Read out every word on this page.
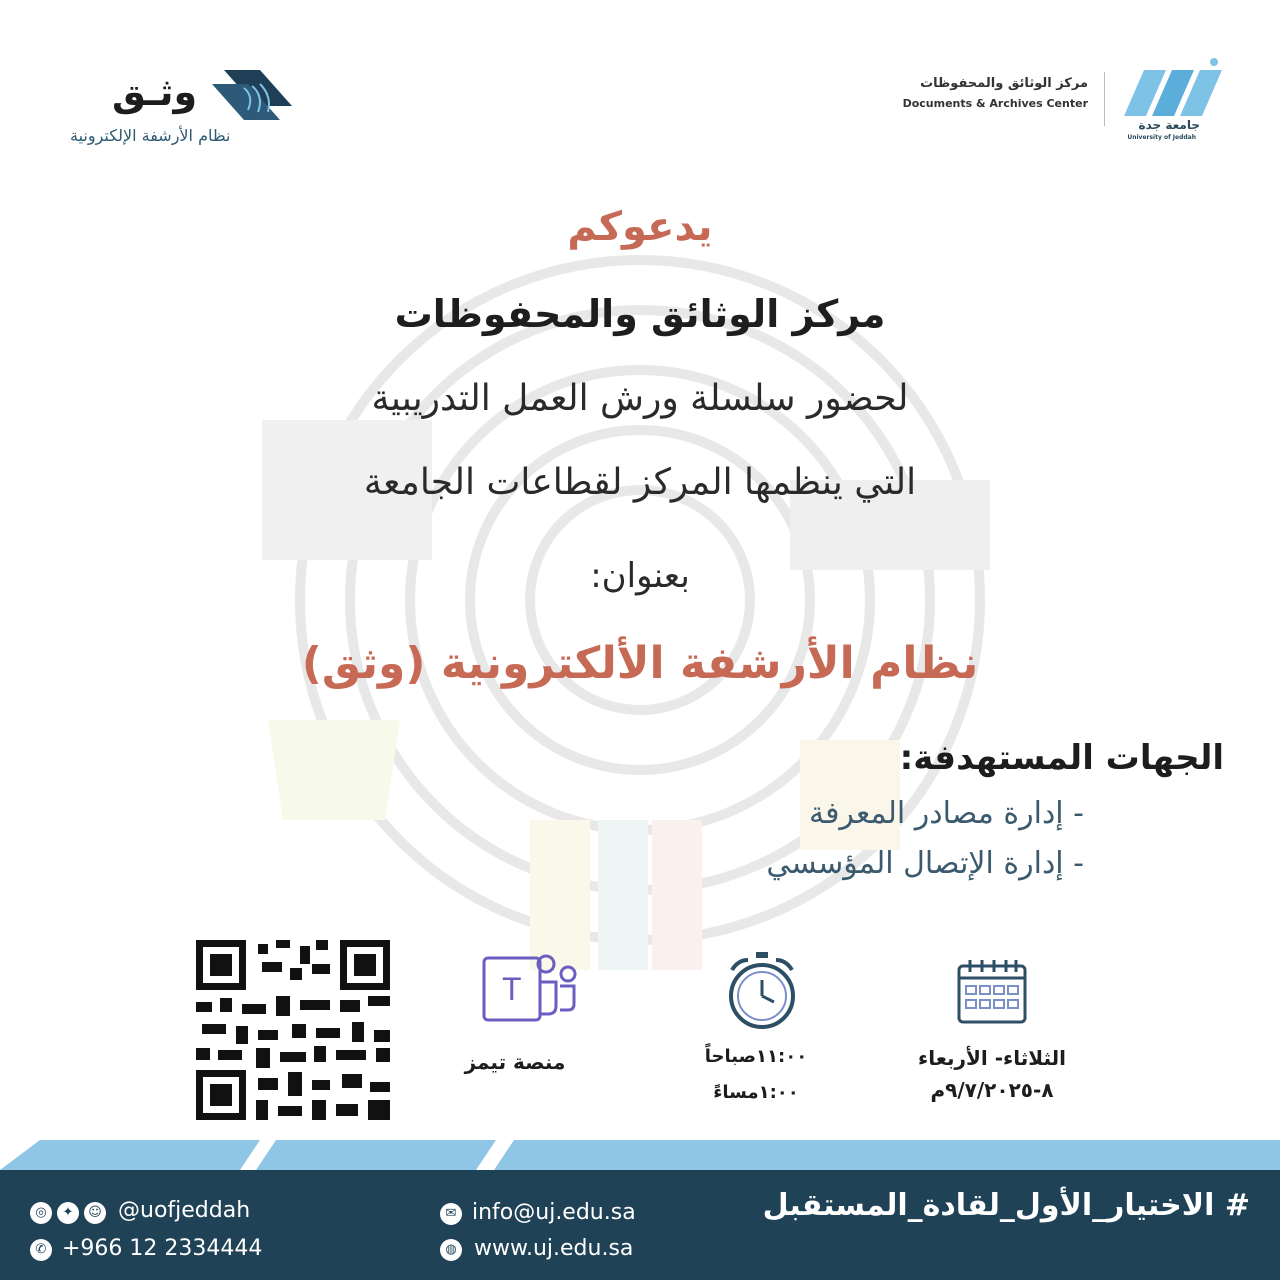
جامعة جدة
University of Jeddah
مركز الوثائق والمحفوظات
Documents & Archives Center
وثـق
نظام الأرشفة الإلكترونية
يدعوكم
مركز الوثائق والمحفوظات
لحضور سلسلة ورش العمل التدريبية
التي ينظمها المركز لقطاعات الجامعة
بعنوان:
نظام الأرشفة الألكترونية (وثق)
الجهات المستهدفة:
- إدارة مصادر المعرفة
- إدارة الإتصال المؤسسي
الثلاثاء- الأربعاء
٨-٩/٧/٢٠٢٥م
١١:٠٠صباحاً
١:٠٠مساءً
T
منصة تيمز
# الاختيار_الأول_لقادة_المستقبل
✉ info@uj.edu.sa
◍ www.uj.edu.sa
◎	✦	☺ @uofjeddah
✆ +966 12 2334444
